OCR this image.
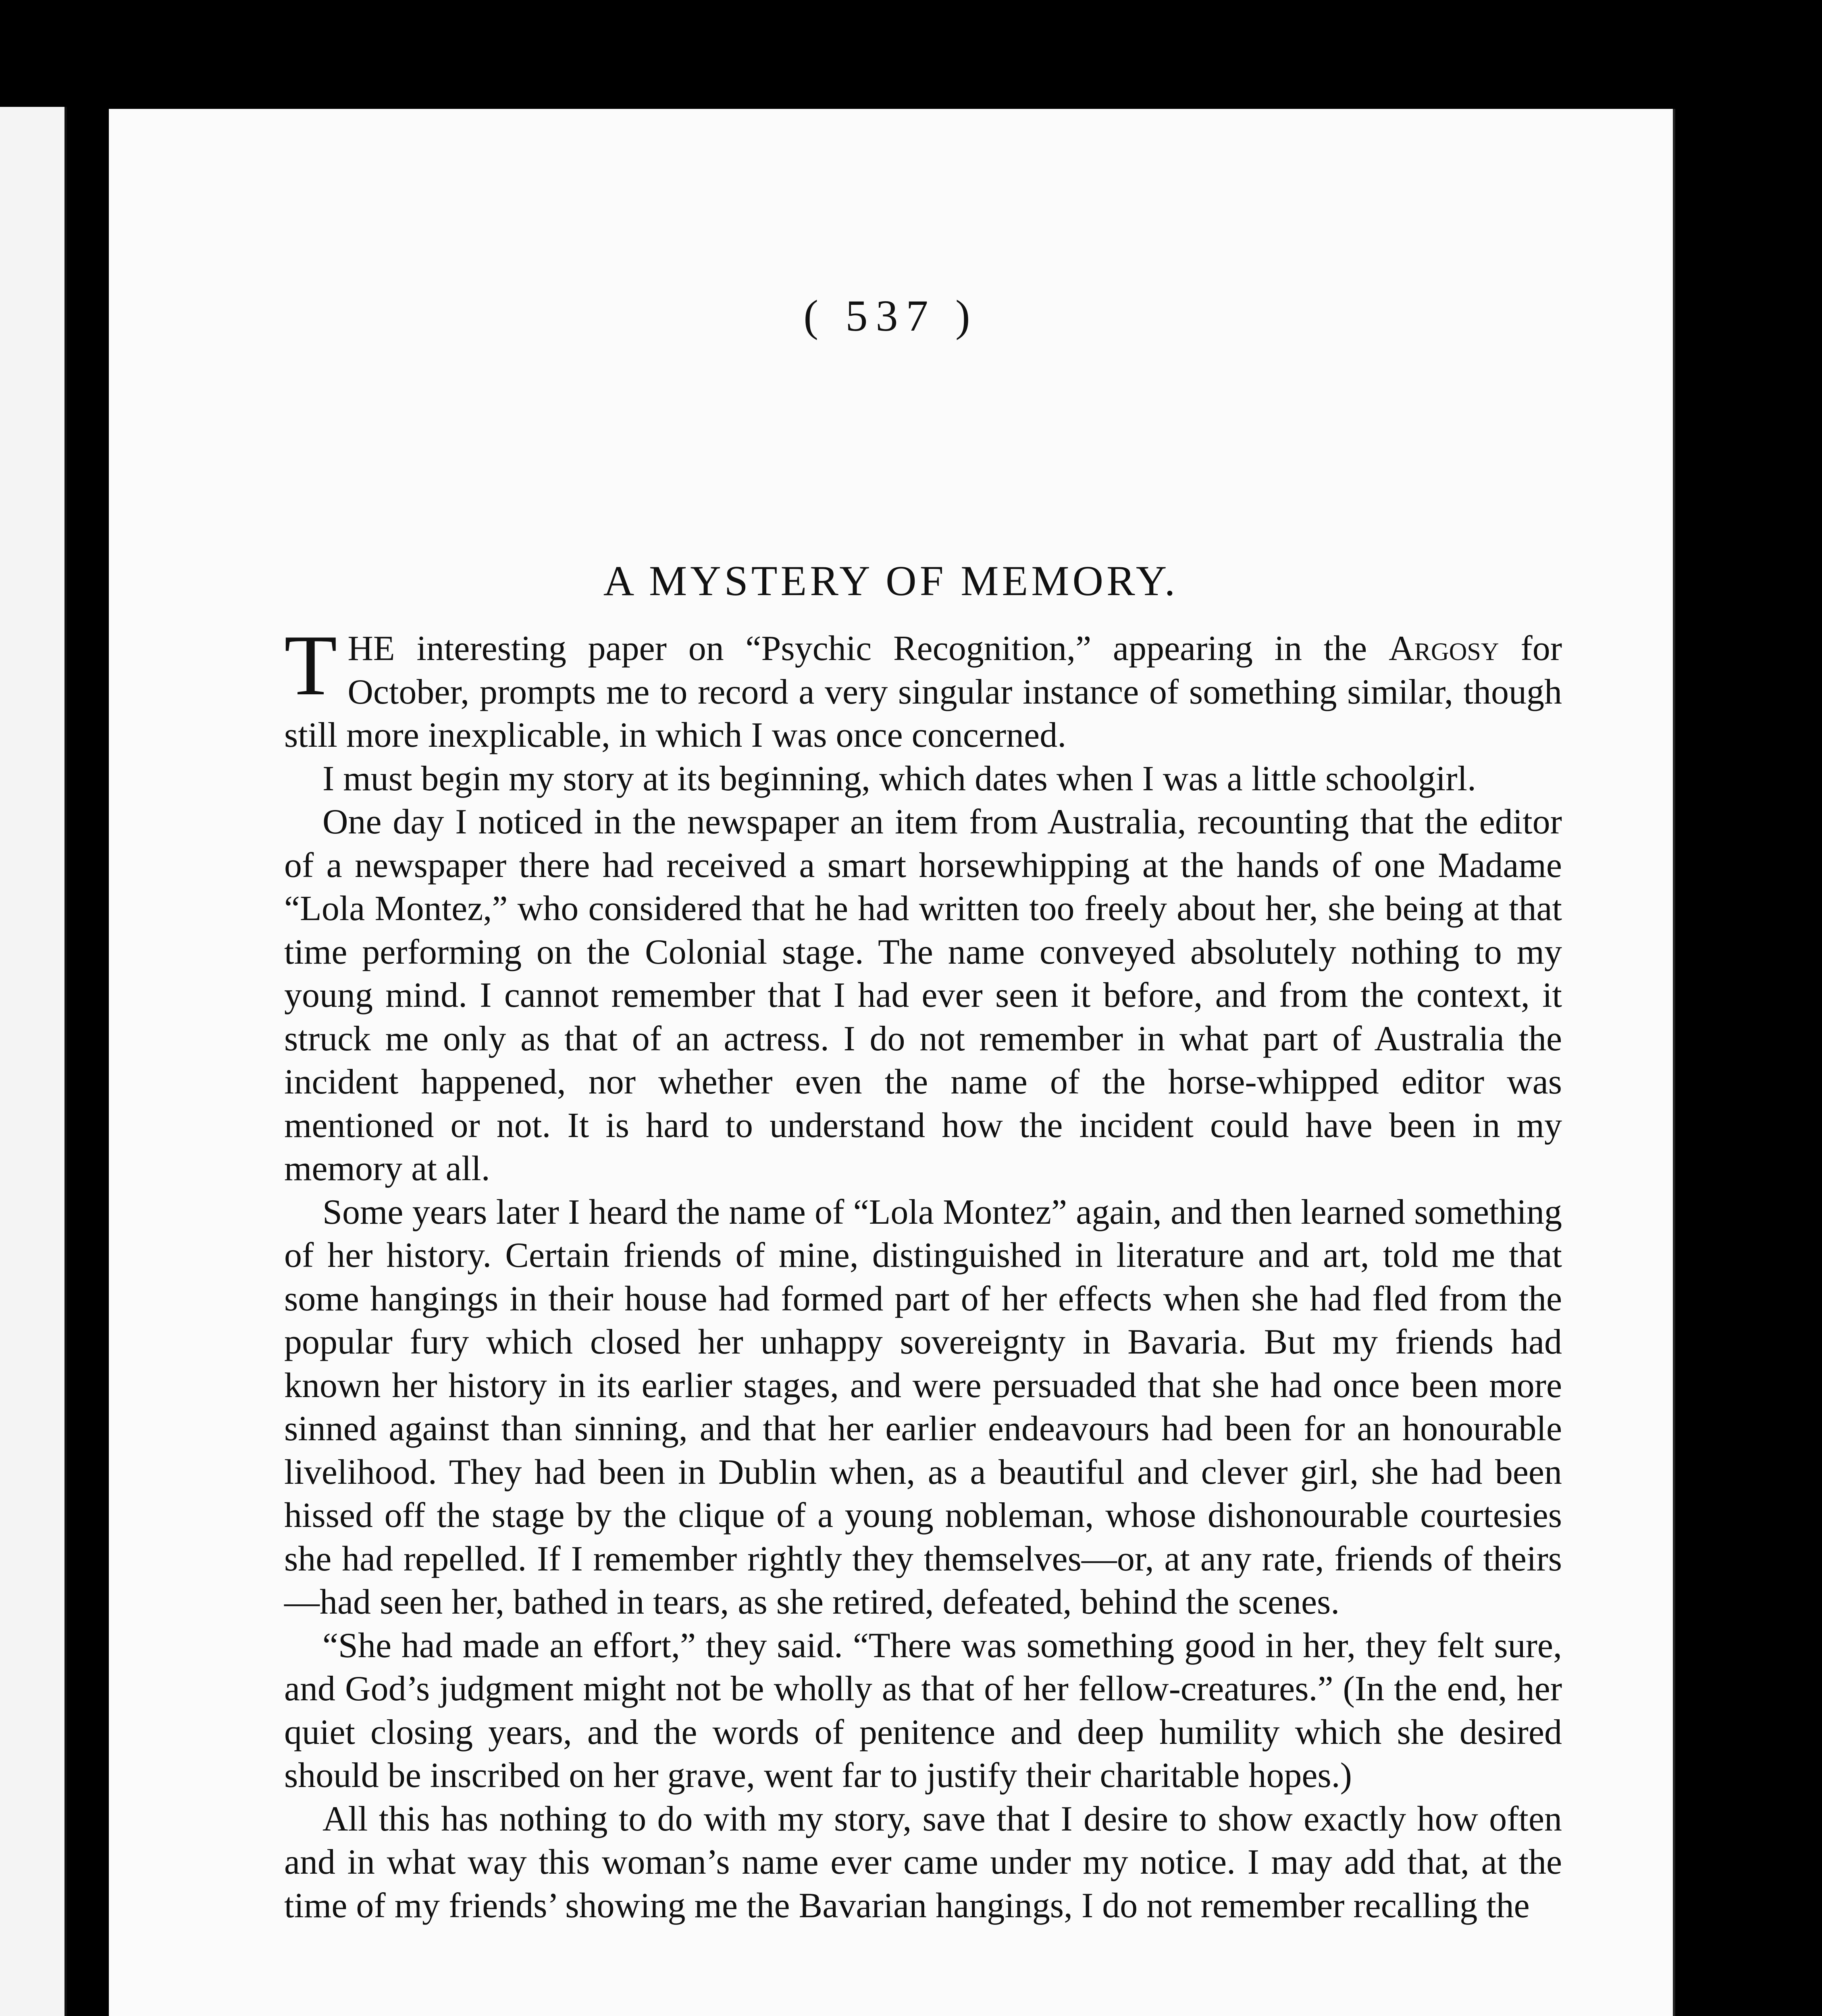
( 537 )
A MYSTERY OF MEMORY.

THE interesting paper on “Psychic Recognition,” appearing in the Argosy for October, prompts me to record a very singular instance of something similar, though still more inexplicable, in which I was once concerned.

I must begin my story at its beginning, which dates when I was a little schoolgirl.

One day I noticed in the newspaper an item from Australia, recounting that the editor of a newspaper there had received a smart horsewhipping at the hands of one Madame “Lola Montez,” who considered that he had written too freely about her, she being at that time performing on the Colonial stage. The name conveyed absolutely nothing to my young mind. I cannot remember that I had ever seen it before, and from the context, it struck me only as that of an actress. I do not remember in what part of Australia the incident happened, nor whether even the name of the horse-whipped editor was mentioned or not. It is hard to understand how the incident could have been in my memory at all.

Some years later I heard the name of “Lola Montez” again, and then learned something of her history. Certain friends of mine, distinguished in literature and art, told me that some hangings in their house had formed part of her effects when she had fled from the popular fury which closed her unhappy sovereignty in Bavaria. But my friends had known her history in its earlier stages, and were persuaded that she had once been more sinned against than sinning, and that her earlier endeavours had been for an honourable livelihood. They had been in Dublin when, as a beautiful and clever girl, she had been hissed off the stage by the clique of a young nobleman, whose dishonourable courtesies she had repelled. If I remember rightly they themselves—or, at any rate, friends of theirs—had seen her, bathed in tears, as she retired, defeated, behind the scenes.

“She had made an effort,” they said. “There was something good in her, they felt sure, and God’s judgment might not be wholly as that of her fellow-creatures.” (In the end, her quiet closing years, and the words of penitence and deep humility which she desired should be inscribed on her grave, went far to justify their charitable hopes.)

All this has nothing to do with my story, save that I desire to show exactly how often and in what way this woman’s name ever came under my notice. I may add that, at the time of my friends’ showing me the Bavarian hangings, I do not remember recalling the
